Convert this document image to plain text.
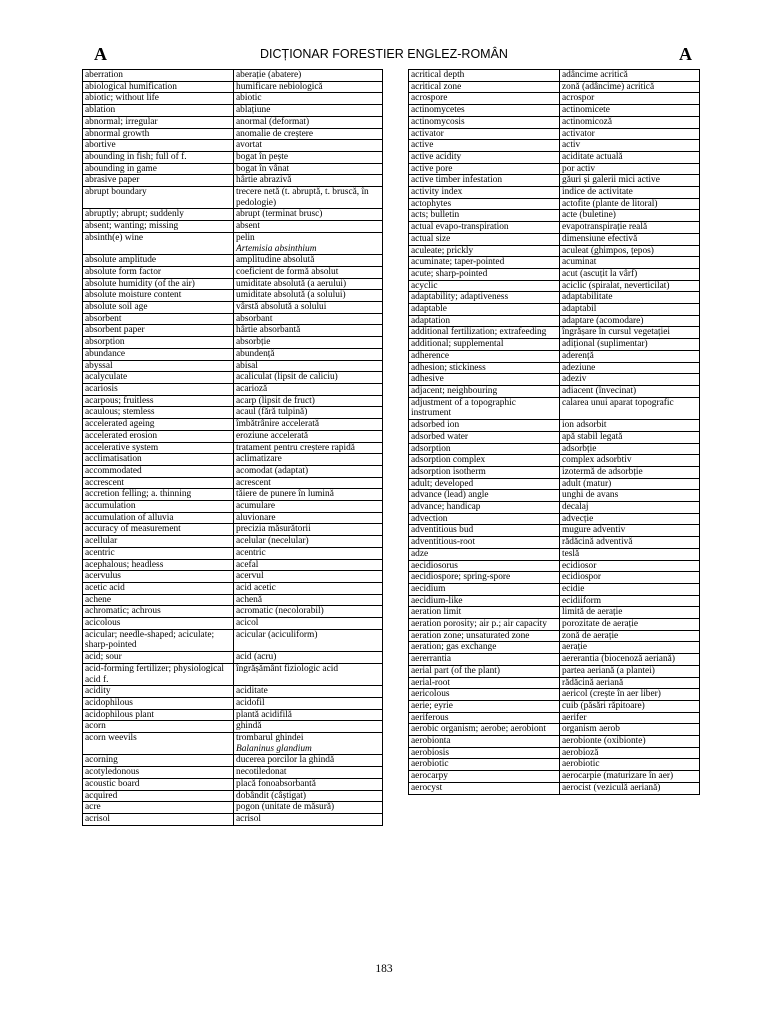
A	DICȚIONAR FORESTIER ENGLEZ-ROMÂN	A
aberration	aberație (abatere)
abiological humification	humificare nebiologică
abiotic; without life	abiotic
ablation	ablațiune
abnormal; irregular	anormal (deformat)
abnormal growth	anomalie de creștere
abortive	avortat
abounding in fish; full of f.	bogat în pește
abounding in game	bogat în vânat
abrasive paper	hârtie abrazivă
abrupt boundary	trecere netă (t. abruptă, t. bruscă, în pedologie)
abruptly; abrupt; suddenly	abrupt (terminat brusc)
absent; wanting; missing	absent
absinth(e) wine	pelin
Artemisia absinthium

absolute amplitude	amplitudine absolută
absolute form factor	coeficient de formă absolut
absolute humidity (of the air)	umiditate absolută (a aerului)
absolute moisture content	umiditate absolută (a solului)
absolute soil age	vârstă absolută a solului
absorbent	absorbant
absorbent paper	hârtie absorbantă
absorption	absorbție
abundance	abundență
abyssal	abisal
acalyculate	acaliculat (lipsit de caliciu)
acariosis	acarioză
acarpous; fruitless	acarp (lipsit de fruct)
acaulous; stemless	acaul (fără tulpină)
accelerated ageing	îmbătrânire accelerată
accelerated erosion	eroziune accelerată
accelerative system	tratament pentru creștere rapidă
acclimatisation	aclimatizare
accommodated	acomodat (adaptat)
accrescent	acrescent
accretion felling; a. thinning	tăiere de punere în lumină
accumulation	acumulare
accumulation of alluvia	aluvionare
accuracy of measurement	precizia măsurătorii
acellular	acelular (necelular)
acentric	acentric
acephalous; headless	acefal
acervulus	acervul
acetic acid	acid acetic
achene	achenă
achromatic; achrous	acromatic (necolorabil)
acicolous	acicol
acicular; needle-shaped; aciculate; sharp-pointed	acicular (aciculiform)
acid; sour	acid (acru)
acid-forming fertilizer; physiological acid f.	îngrășământ fiziologic acid
acidity	aciditate
acidophilous	acidofil
acidophilous plant	plantă acidifilă
acorn	ghindă
acorn weevils	trombarul ghindei
Balaninus glandium

acorning	ducerea porcilor la ghindă
acotyledonous	necotiledonat
acoustic board	placă fonoabsorbantă
acquired	dobândit (câștigat)
acre	pogon (unitate de măsură)
acrisol	acrisol
acritical depth	adâncime acritică
acritical zone	zonă (adâncime) acritică
acrospore	acrospor
actinomycetes	actinomicete
actinomycosis	actinomicoză
activator	activator
active	activ
active acidity	aciditate actuală
active pore	por activ
active timber infestation	găuri și galerii mici active
activity index	indice de activitate
actophytes	actofite (plante de litoral)
acts; bulletin	acte (buletine)
actual evapo-transpiration	evapotranspirație reală
actual size	dimensiune efectivă
aculeate; prickly	aculeat (ghimpos, țepos)
acuminate; taper-pointed	acuminat
acute; sharp-pointed	acut (ascuțit la vârf)
acyclic	aciclic (spiralat, neverticilat)
adaptability; adaptiveness	adaptabilitate
adaptable	adaptabil
adaptation	adaptare (acomodare)
additional fertilization; extrafeeding	îngrășare în cursul vegetației
additional; supplemental	adițional (suplimentar)
adherence	aderență
adhesion; stickiness	adeziune
adhesive	adeziv
adjacent; neighbouring	adiacent (învecinat)
adjustment of a topographic instrument	calarea unui aparat topografic
adsorbed ion	ion adsorbit
adsorbed water	apă stabil legată
adsorption	adsorbție
adsorption complex	complex adsorbtiv
adsorption isotherm	izotermă de adsorbție
adult; developed	adult (matur)
advance (lead) angle	unghi de avans
advance; handicap	decalaj
advection	advecție
adventitious bud	mugure adventiv
adventitious-root	rădăcină adventivă
adze	teslă
aecidiosorus	ecidiosor
aecidiospore; spring-spore	ecidiospor
aecidium	ecidie
aecidium-like	ecidiiform
aeration limit	limită de aerație
aeration porosity; air p.; air capacity	porozitate de aerație
aeration zone; unsaturated zone	zonă de aerație
aeration; gas exchange	aerație
aererrantia	aererantia (biocenoză aeriană)
aerial part (of the plant)	partea aeriană (a plantei)
aerial-root	rădăcină aeriană
aericolous	aericol (crește în aer liber)
aerie; eyrie	cuib (păsări răpitoare)
aeriferous	aerifer
aerobic organism; aerobe; aerobiont	organism aerob
aerobionta	aerobionte (oxibionte)
aerobiosis	aerobioză
aerobiotic	aerobiotic
aerocarpy	aerocarpie (maturizare în aer)
aerocyst	aerocist (veziculă aeriană)
183
